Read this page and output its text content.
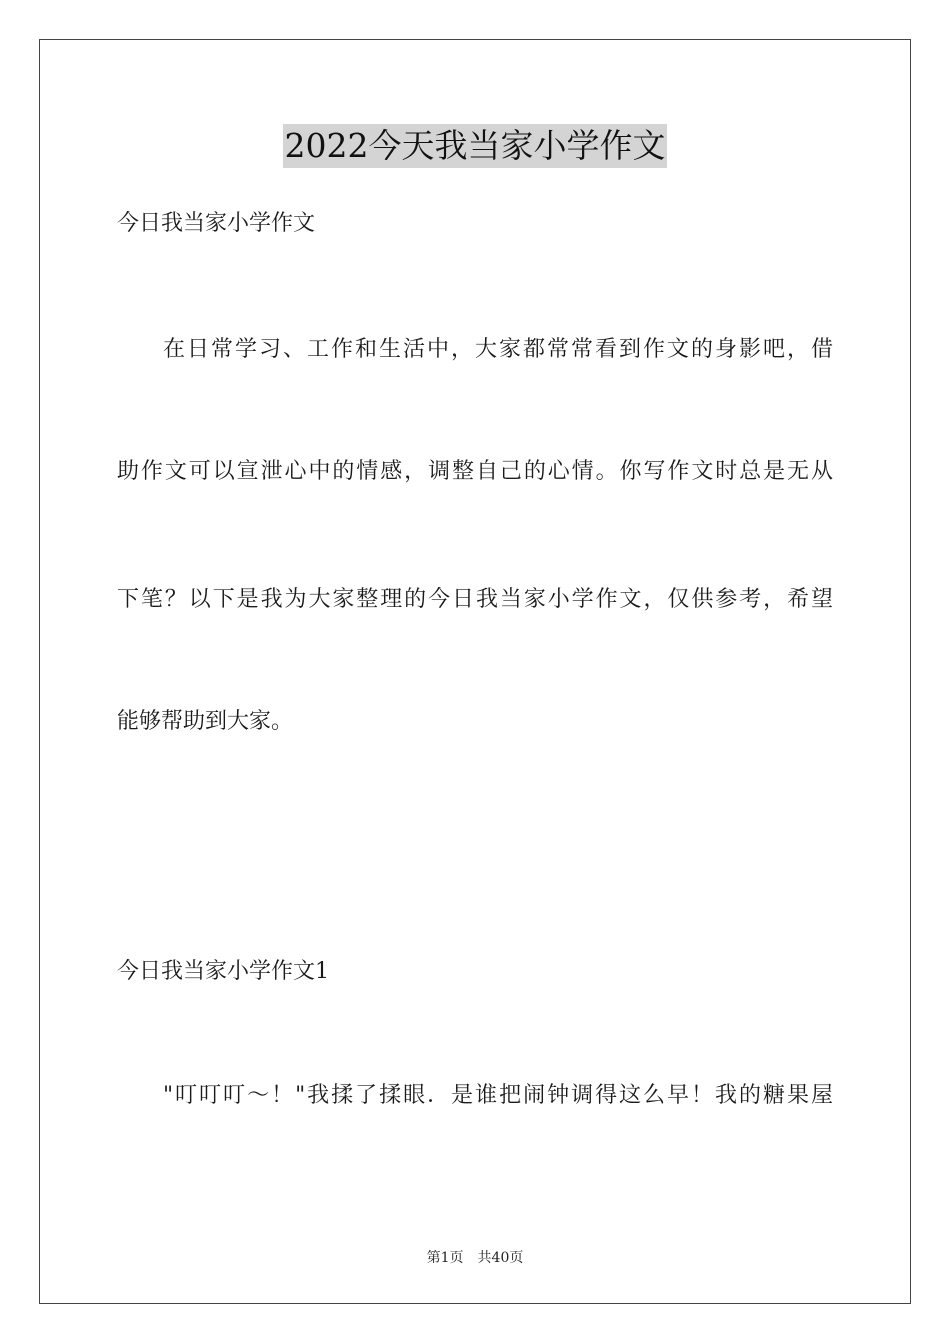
2022今天我当家小学作文
今日我当家小学作文
在日常学习、工作和生活中，大家都常常看到作文的身影吧，借
助作文可以宣泄心中的情感，调整自己的心情。你写作文时总是无从
下笔？以下是我为大家整理的今日我当家小学作文，仅供参考，希望
能够帮助到大家。
今日我当家小学作文1
"叮叮叮～！"我揉了揉眼．是谁把闹钟调得这么早！我的糖果屋
第1页　共40页
